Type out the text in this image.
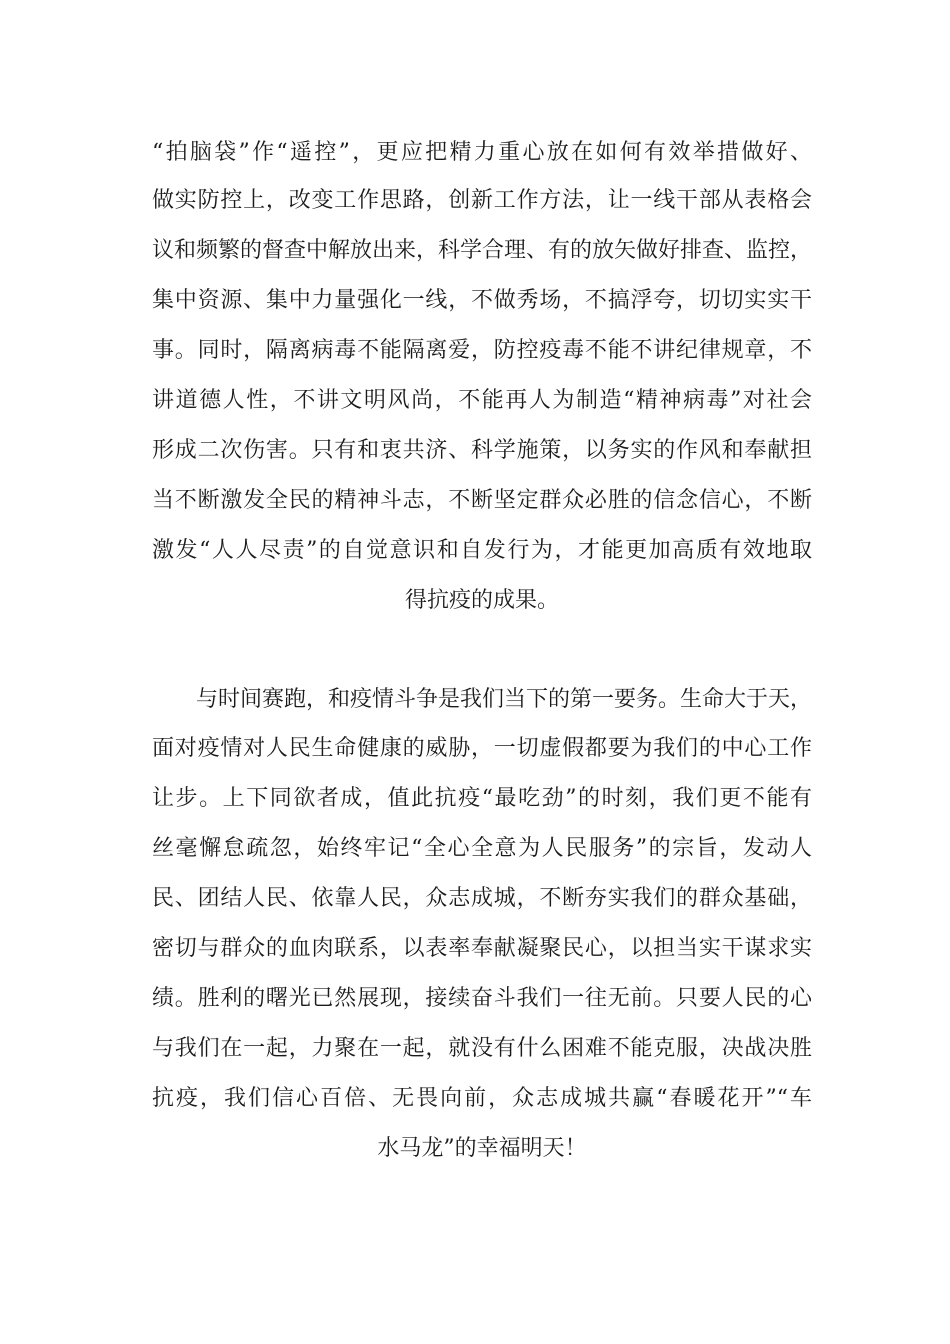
“拍脑袋”作“遥控”，更应把精力重心放在如何有效举措做好、
做实防控上，改变工作思路，创新工作方法，让一线干部从表格会
议和频繁的督查中解放出来，科学合理、有的放矢做好排查、监控，
集中资源、集中力量强化一线，不做秀场，不搞浮夸，切切实实干
事。同时，隔离病毒不能隔离爱，防控疫毒不能不讲纪律规章，不
讲道德人性，不讲文明风尚，不能再人为制造“精神病毒”对社会
形成二次伤害。只有和衷共济、科学施策，以务实的作风和奉献担
当不断激发全民的精神斗志，不断坚定群众必胜的信念信心，不断
激发“人人尽责”的自觉意识和自发行为，才能更加高质有效地取
得抗疫的成果。
与时间赛跑，和疫情斗争是我们当下的第一要务。生命大于天，
面对疫情对人民生命健康的威胁，一切虚假都要为我们的中心工作
让步。上下同欲者成，值此抗疫“最吃劲”的时刻，我们更不能有
丝毫懈怠疏忽，始终牢记“全心全意为人民服务”的宗旨，发动人
民、团结人民、依靠人民，众志成城，不断夯实我们的群众基础，
密切与群众的血肉联系，以表率奉献凝聚民心，以担当实干谋求实
绩。胜利的曙光已然展现，接续奋斗我们一往无前。只要人民的心
与我们在一起，力聚在一起，就没有什么困难不能克服，决战决胜
抗疫，我们信心百倍、无畏向前，众志成城共赢“春暖花开”“车
水马龙”的幸福明天！
